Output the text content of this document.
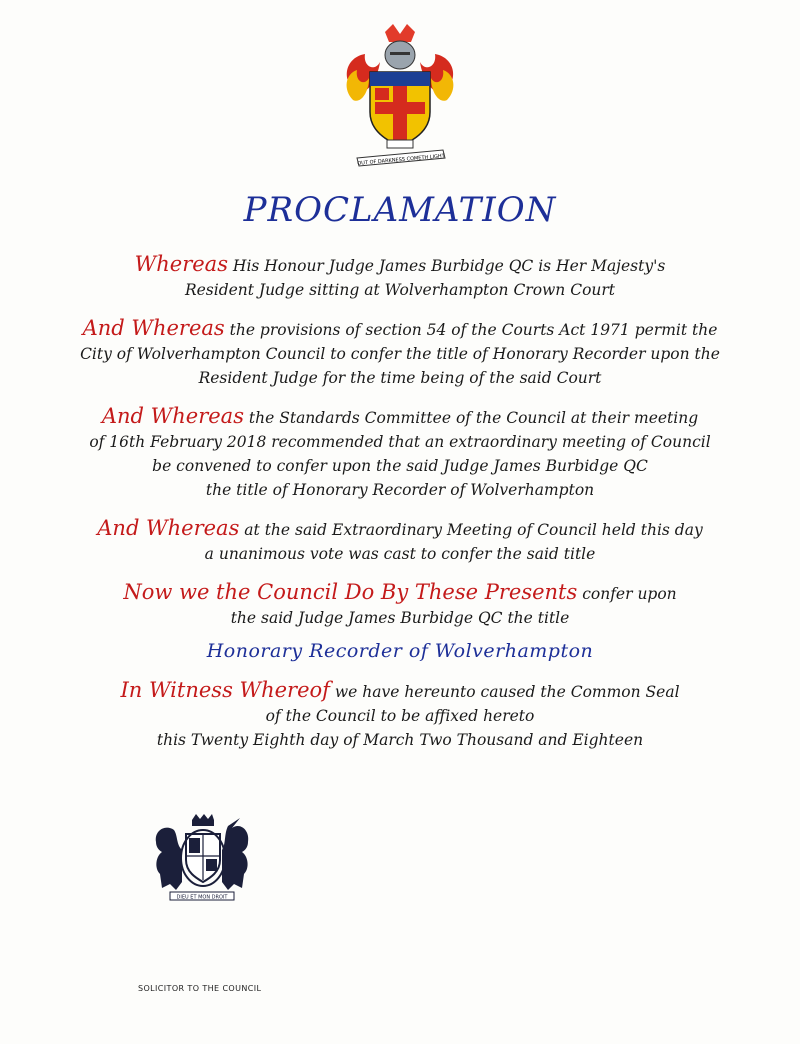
OUT OF DARKNESS COMETH LIGHT
PROCLAMATION
Whereas His Honour Judge James Burbidge QC is Her Majesty's
Resident Judge sitting at Wolverhampton Crown Court
And Whereas the provisions of section 54 of the Courts Act 1971 permit the
City of Wolverhampton Council to confer the title of Honorary Recorder upon the
Resident Judge for the time being of the said Court
And Whereas the Standards Committee of the Council at their meeting
of 16th February 2018 recommended that an extraordinary meeting of Council
be convened to confer upon the said Judge James Burbidge QC
the title of Honorary Recorder of Wolverhampton
And Whereas at the said Extraordinary Meeting of Council held this day
a unanimous vote was cast to confer the said title
Now we the Council Do By These Presents confer upon
the said Judge James Burbidge QC the title
Honorary Recorder of Wolverhampton
In Witness Whereof we have hereunto caused the Common Seal
of the Council to be affixed hereto
this Twenty Eighth day of March Two Thousand and Eighteen
DIEU ET MON DROIT
SOLICITOR TO THE COUNCIL
